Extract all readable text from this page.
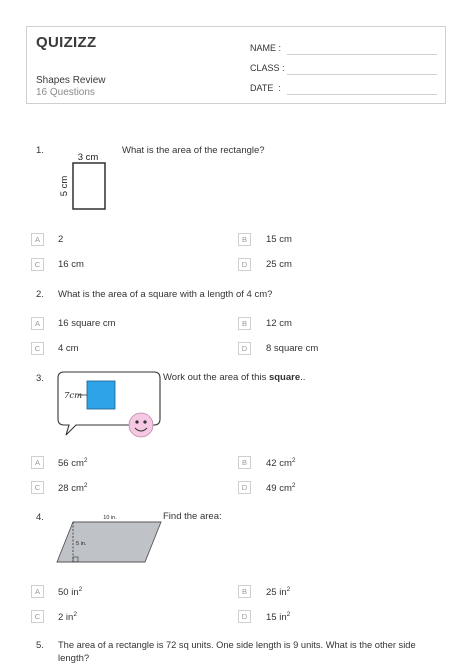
QUIZIZZ
Shapes Review
16 Questions
NAME :
CLASS :
DATE  :
1.	What is the area of the rectangle?
3 cm
5 cm
A	2	B	15 cm
C	16 cm	D	25 cm
2. What is the area of a square with a length of 4 cm?
A	16 square cm	B	12 cm
C	4 cm	D	8 square cm
3.	Work out the area of this square..
7cm
A	56 $cm^2$	B	42 $cm^2$
C	28 $cm^2$	D	49 $cm^2$
4.	Find the area:
10 in.
5 in.
A	50 $in^2$	B	25 $in^2$
C	2 $in^2$	D	15 $in^2$
5. The area of a rectangle is 72 sq units. One side length is 9 units. What is the other side
length?
